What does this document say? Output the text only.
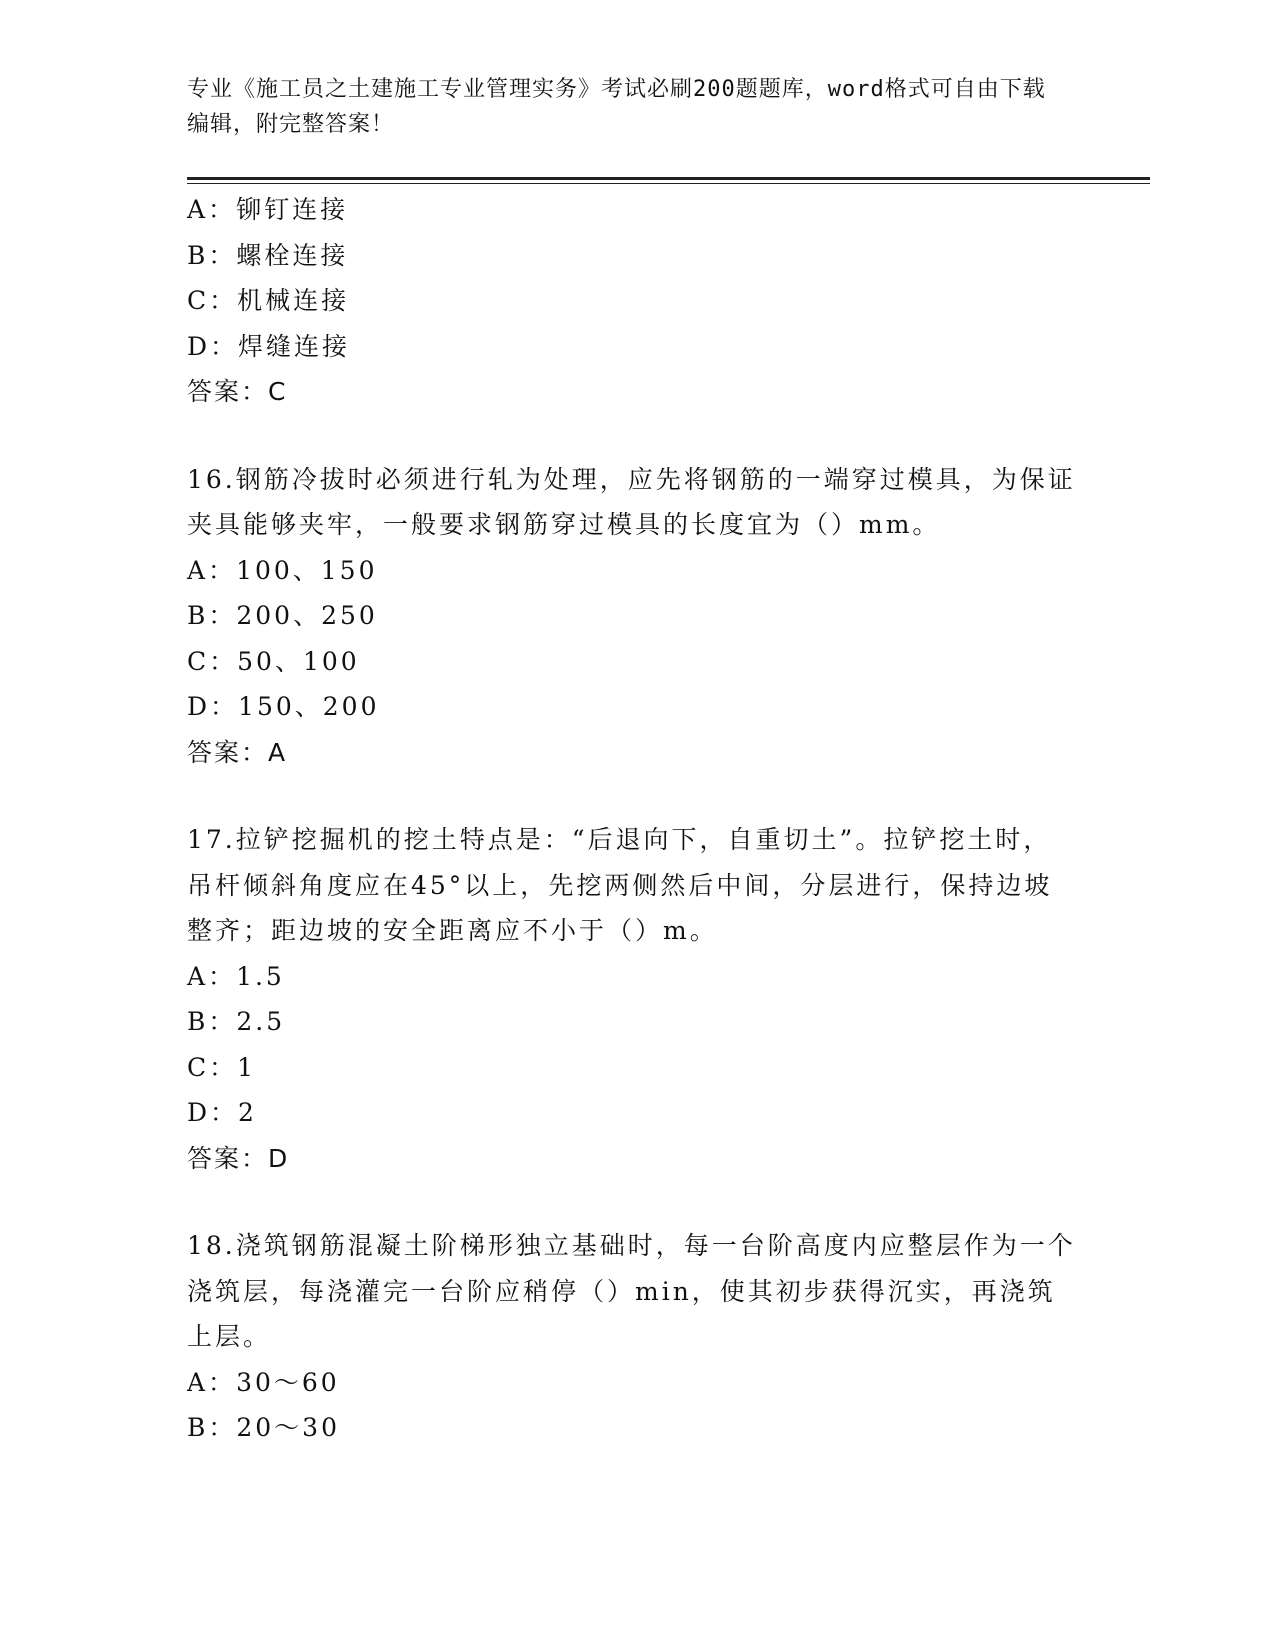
专业《施工员之土建施工专业管理实务》考试必刷200题题库，word格式可自由下载编辑，附完整答案！
A：铆钉连接
B：螺栓连接
C：机械连接
D：焊缝连接
答案：C
16.钢筋冷拔时必须进行轧为处理，应先将钢筋的一端穿过模具，为保证夹具能够夹牢，一般要求钢筋穿过模具的长度宜为（）mm。
A：100、150
B：200、250
C：50、100
D：150、200
答案：A
17.拉铲挖掘机的挖土特点是：“后退向下，自重切土”。拉铲挖土时，吊杆倾斜角度应在45°以上，先挖两侧然后中间，分层进行，保持边坡整齐；距边坡的安全距离应不小于（）m。
A：1.5
B：2.5
C：1
D：2
答案：D
18.浇筑钢筋混凝土阶梯形独立基础时，每一台阶高度内应整层作为一个浇筑层，每浇灌完一台阶应稍停（）min，使其初步获得沉实，再浇筑上层。
A：30～60
B：20～30
